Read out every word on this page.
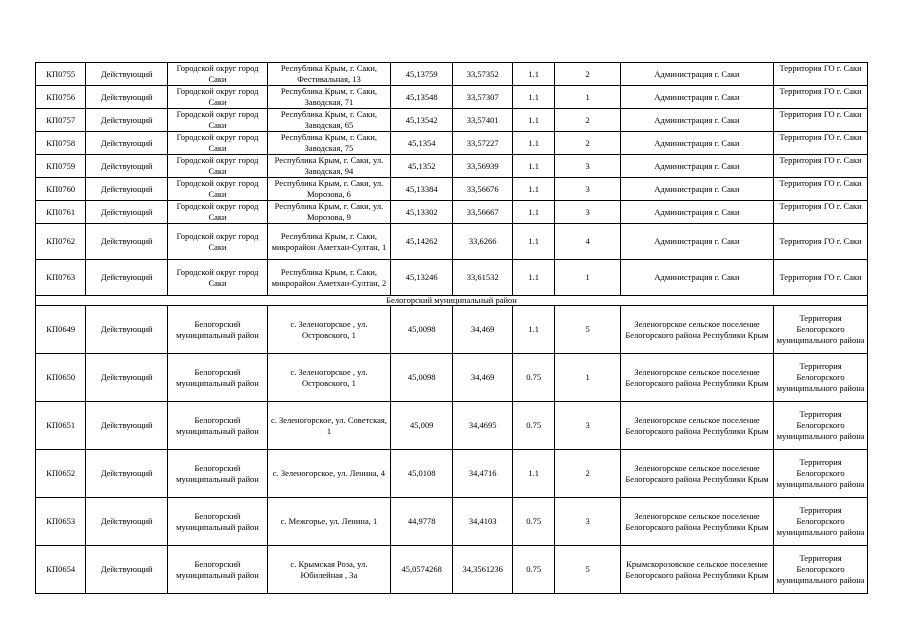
КП0755	Действующий	Городской округ город Саки	Республика Крым, г. Саки, Фестивальная, 13	45,13759	33,57352	1.1	2	Администрация г. Саки	Территория ГО г. Саки
КП0756	Действующий	Городской округ город Саки	Республика Крым, г. Саки, Заводская, 71	45,13548	33,57307	1.1	1	Администрация г. Саки	Территория ГО г. Саки
КП0757	Действующий	Городской округ город Саки	Республика Крым, г. Саки, Заводская, 65	45,13542	33,57401	1.1	2	Администрация г. Саки	Территория ГО г. Саки
КП0758	Действующий	Городской округ город Саки	Республика Крым, г. Саки, Заводская, 75	45,1354	33,57227	1.1	2	Администрация г. Саки	Территория ГО г. Саки
КП0759	Действующий	Городской округ город Саки	Республика Крым, г. Саки, ул. Заводская, 94	45,1352	33,56939	1.1	3	Администрация г. Саки	Территория ГО г. Саки
КП0760	Действующий	Городской округ город Саки	Республика Крым, г. Саки, ул. Морозова, 6	45,13384	33,56676	1.1	3	Администрация г. Саки	Территория ГО г. Саки
КП0761	Действующий	Городской округ город Саки	Республика Крым, г. Саки, ул. Морозова, 9	45,13302	33,56667	1.1	3	Администрация г. Саки	Территория ГО г. Саки
КП0762	Действующий	Городской округ город Саки	Республика Крым, г. Саки, микрорайон Аметхан-Султан, 1	45,14262	33,6266	1.1	4	Администрация г. Саки	Территория ГО г. Саки
КП0763	Действующий	Городской округ город Саки	Республика Крым, г. Саки, микрорайон Аметхан-Султан, 2	45,13246	33,61532	1.1	1	Администрация г. Саки	Территория ГО г. Саки
Белогорский муниципальный район									
КП0649	Действующий	Белогорский муниципальный район	с. Зеленогорское , ул. Островского, 1	45,0098	34,469	1.1	5	Зеленогорское сельское поселение Белогорского района Республики Крым	Территория Белогорского муниципального района
КП0650	Действующий	Белогорский муниципальный район	с. Зеленогорское , ул. Островского, 1	45,0098	34,469	0.75	1	Зеленогорское сельское поселение Белогорского района Республики Крым	Территория Белогорского муниципального района
КП0651	Действующий	Белогорский муниципальный район	с. Зеленогорское, ул. Советская, 1	45,009	34,4695	0.75	3	Зеленогорское сельское поселение Белогорского района Республики Крым	Территория Белогорского муниципального района
КП0652	Действующий	Белогорский муниципальный район	с. Зеленогорское, ул. Ленина, 4	45,0108	34,4716	1.1	2	Зеленогорское сельское поселение Белогорского района Республики Крым	Территория Белогорского муниципального района
КП0653	Действующий	Белогорский муниципальный район	с. Межгорье, ул. Ленина, 1	44,9778	34,4103	0.75	3	Зеленогорское сельское поселение Белогорского района Республики Крым	Территория Белогорского муниципального района
КП0654	Действующий	Белогорский муниципальный район	с. Крымская Роза, ул. Юбилейная , 3а	45,0574268	34,3561236	0.75	5	Крымскорозовское сельское поселение Белогорского района Республики Крым	Территория Белогорского муниципального района
